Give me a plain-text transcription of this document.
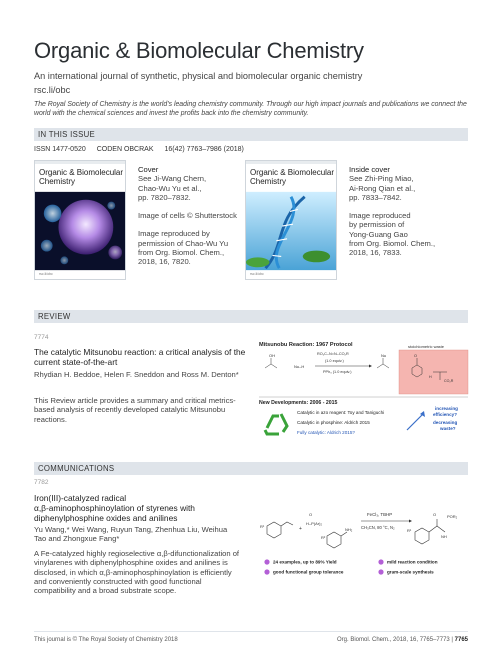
Organic & Biomolecular Chemistry
An international journal of synthetic, physical and biomolecular organic chemistry
rsc.li/obc
The Royal Society of Chemistry is the world's leading chemistry community. Through our high impact journals and publications we connect the world with the chemical sciences and invest the profits back into the chemistry community.
IN THIS ISSUE
ISSN 1477-0520 CODEN OBCRAK 16(42) 7763–7986 (2018)
Organic & Biomolecular Chemistry
rsc.li/obc
Cover
See Ji-Wang Chern,
Chao-Wu Yu et al.,
pp. 7820–7832.
Image of cells © Shutterstock
Image reproduced by
permission of Chao-Wu Yu
from Org. Biomol. Chem.,
2018, 16, 7820.
Organic & Biomolecular Chemistry
rsc.li/obc
Inside cover
See Zhi-Ping Miao,
Ai-Rong Qian et al.,
pp. 7833–7842.
Image reproduced
by permission of
Yong-Guang Gao
from Org. Biomol. Chem.,
2018, 16, 7833.
REVIEW
7774
The catalytic Mitsunobu reaction: a critical analysis of the current state-of-the-art
Rhydian H. Beddoe, Helen F. Sneddon and Ross M. Denton*
This Review article provides a summary and critical metrics-based analysis of recently developed catalytic Mitsunobu reactions.
Mitsunobu Reaction: 1967 Protocol
OH
Nu–H
RO₂C–N=N–CO₂R
(1.0 equiv.)
PPh₃ (1.0 equiv.)
Nu
stoichiometric waste
O
H
CO₂R
New Developments: 2006 - 2015
Catalytic in azo reagent: Toy and Taniguchi
Catalytic in phosphine: Aldrich 2015
Fully catalytic: Aldrich 2015?
increasing
efficiency?
decreasing
waste?
COMMUNICATIONS
7782
Iron(III)-catalyzed radical
α,β-aminophosphinoylation of styrenes with
diphenylphosphine oxides and anilines
Yu Wang,* Wei Wang, Ruyun Tang, Zhenhua Liu, Weihua Tao and Zhongxue Fang*
A Fe-catalyzed highly regioselective α,β-difunctionalization of vinylarenes with diphenylphosphine oxides and anilines is disclosed, in which α,β-aminophosphinoylation is efficiently and conveniently constructed with good functional compatibility and a broad substrate scope.
R¹	+
O
H–P(Ar)₂
R²
NH₂
FeCl₃, TBHP
CH₃CN, 80 °C, N₂
POR₂
O
NH
R¹
24 examples, up to 89% Yield
good functional group tolerance
mild reaction condition
gram-scale synthesis
This journal is © The Royal Society of Chemistry 2018	Org. Biomol. Chem., 2018, 16, 7765–7773 | 7765
